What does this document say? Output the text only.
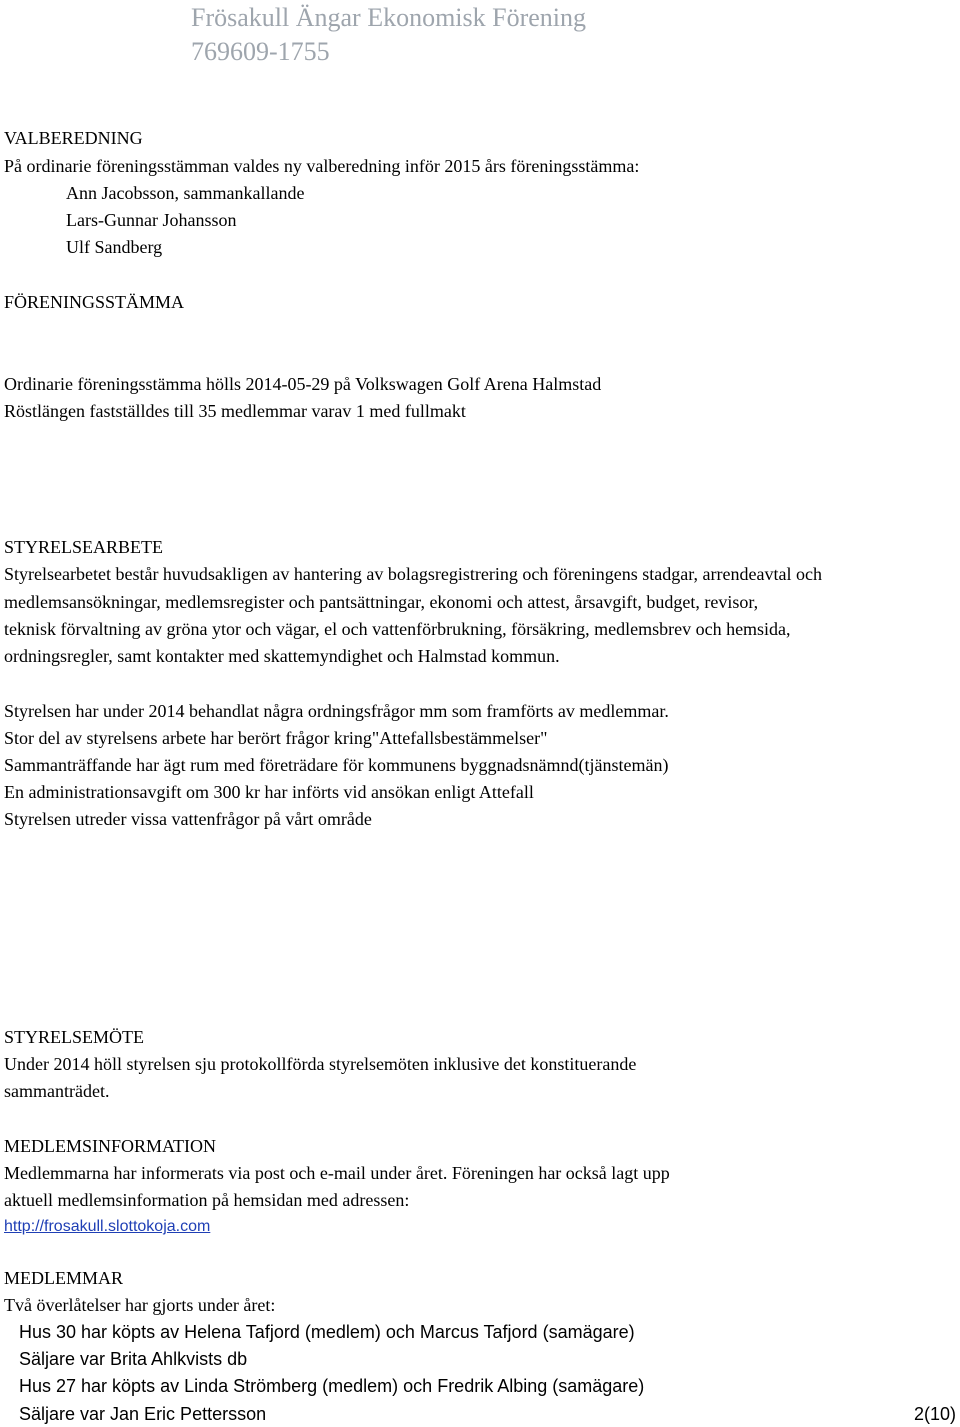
Frösakull Ängar Ekonomisk Förening
769609-1755
VALBEREDNING
På ordinarie föreningsstämman valdes ny valberedning inför 2015 års föreningsstämma:
Ann Jacobsson, sammankallande
Lars-Gunnar Johansson
Ulf Sandberg
FÖRENINGSSTÄMMA
Ordinarie föreningsstämma hölls 2014-05-29 på Volkswagen Golf Arena Halmstad
Röstlängen fastställdes till 35 medlemmar varav 1 med fullmakt
STYRELSEARBETE
Styrelsearbetet består huvudsakligen av hantering av bolagsregistrering och föreningens stadgar, arrendeavtal och
medlemsansökningar, medlemsregister och pantsättningar, ekonomi och attest, årsavgift, budget, revisor,
teknisk förvaltning av gröna ytor och vägar, el och vattenförbrukning, försäkring, medlemsbrev och hemsida,
ordningsregler, samt kontakter med skattemyndighet och Halmstad kommun.
Styrelsen har under 2014 behandlat några ordningsfrågor mm som framförts av medlemmar.
Stor del av styrelsens arbete har berört frågor kring"Attefallsbestämmelser"
Sammanträffande har ägt rum med företrädare för kommunens byggnadsnämnd(tjänstemän)
En administrationsavgift om 300 kr har införts vid ansökan enligt Attefall
Styrelsen utreder vissa vattenfrågor på vårt område
STYRELSEMÖTE
Under 2014 höll styrelsen sju protokollförda styrelsemöten inklusive det konstituerande
sammanträdet.
MEDLEMSINFORMATION
Medlemmarna har informerats via post och e-mail under året. Föreningen har också lagt upp
aktuell medlemsinformation på hemsidan med adressen:
http://frosakull.slottokoja.com
MEDLEMMAR
Två överlåtelser har gjorts under året:
Hus 30 har köpts av Helena Tafjord (medlem) och Marcus Tafjord (samägare)
Säljare var Brita Ahlkvists db
Hus 27 har köpts av Linda Strömberg (medlem) och Fredrik Albing (samägare)
Säljare var Jan Eric Pettersson	2(10)
